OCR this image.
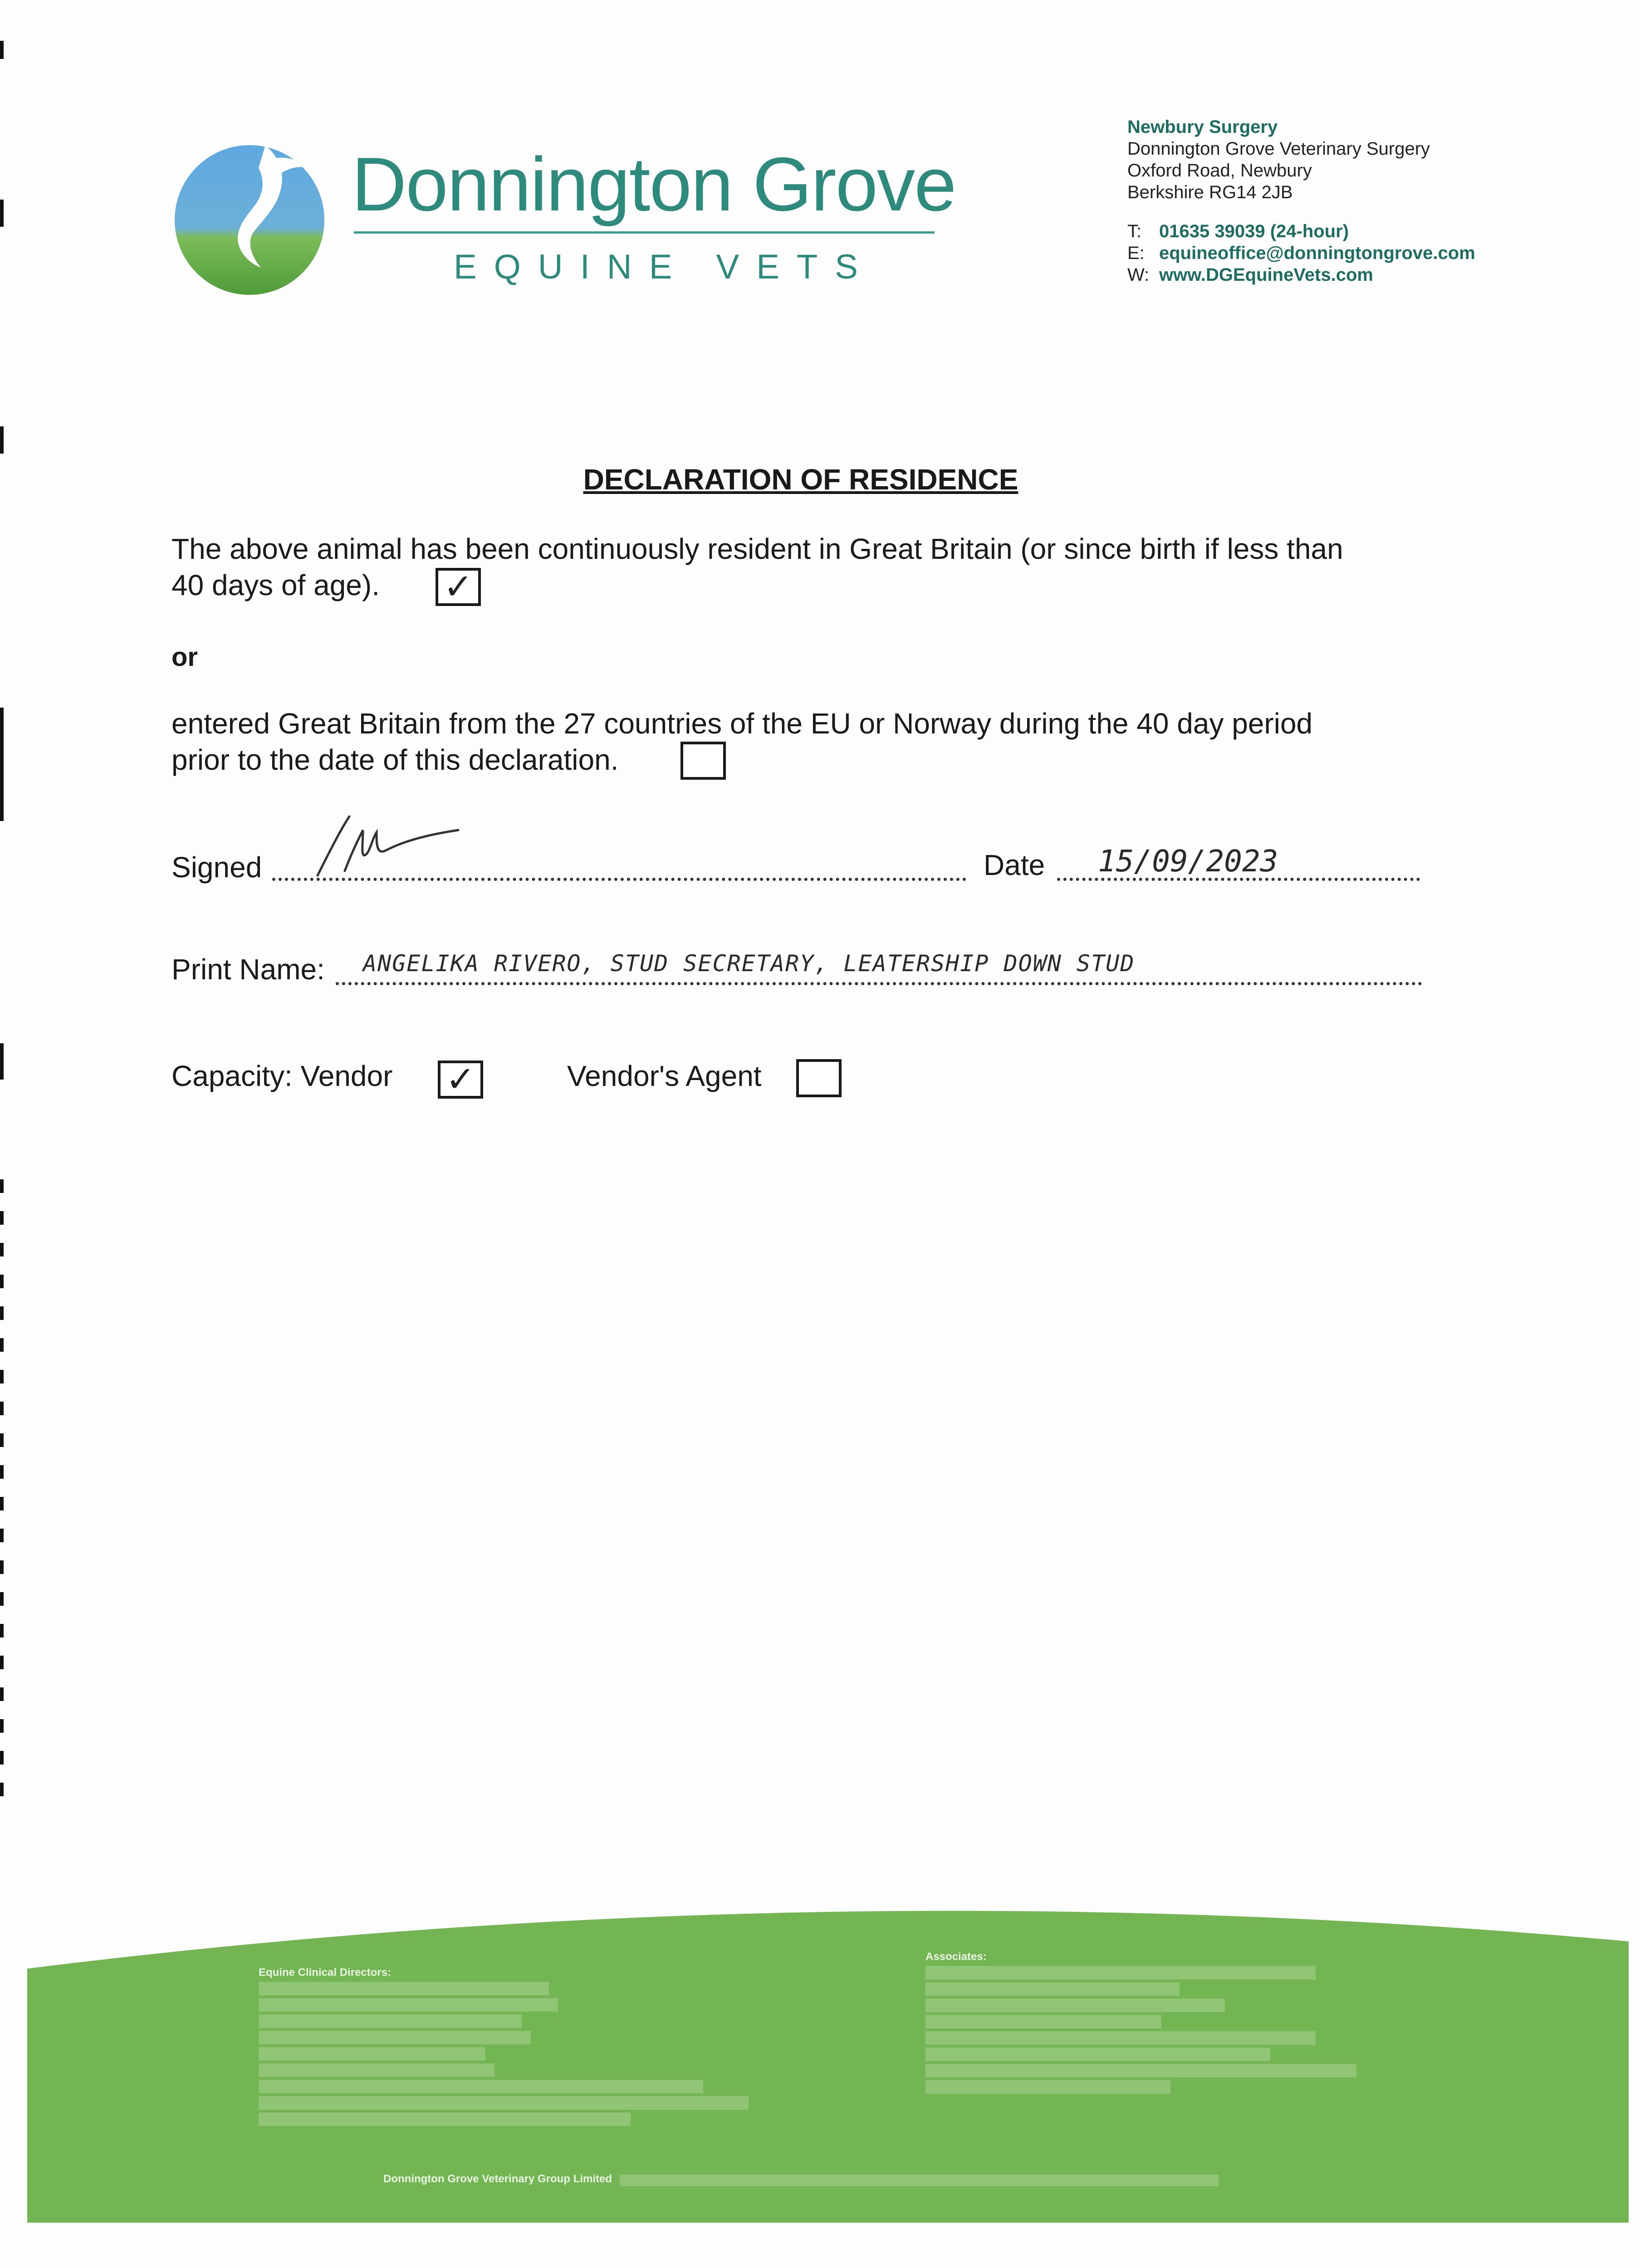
Donnington Grove
EQUINE VETS
Newbury Surgery
Donnington Grove Veterinary Surgery
Oxford Road, Newbury
Berkshire RG14 2JB
T: 01635 39039 (24-hour)
E: equineoffice@donningtongrove.com
W: www.DGEquineVets.com
DECLARATION OF RESIDENCE
The above animal has been continuously resident in Great Britain (or since birth if less than
40 days of age). ✓
or
entered Great Britain from the 27 countries of the EU or Norway during the 40 day period
prior to the date of this declaration.
Signed	Date 15/09/2023
Print Name: ANGELIKA RIVERO, STUD SECRETARY, LEATERSHIP DOWN STUD
Capacity: Vendor ✓	Vendor's Agent
Equine Clinical Directors:
Associates:
Donnington Grove Veterinary Group Limited
